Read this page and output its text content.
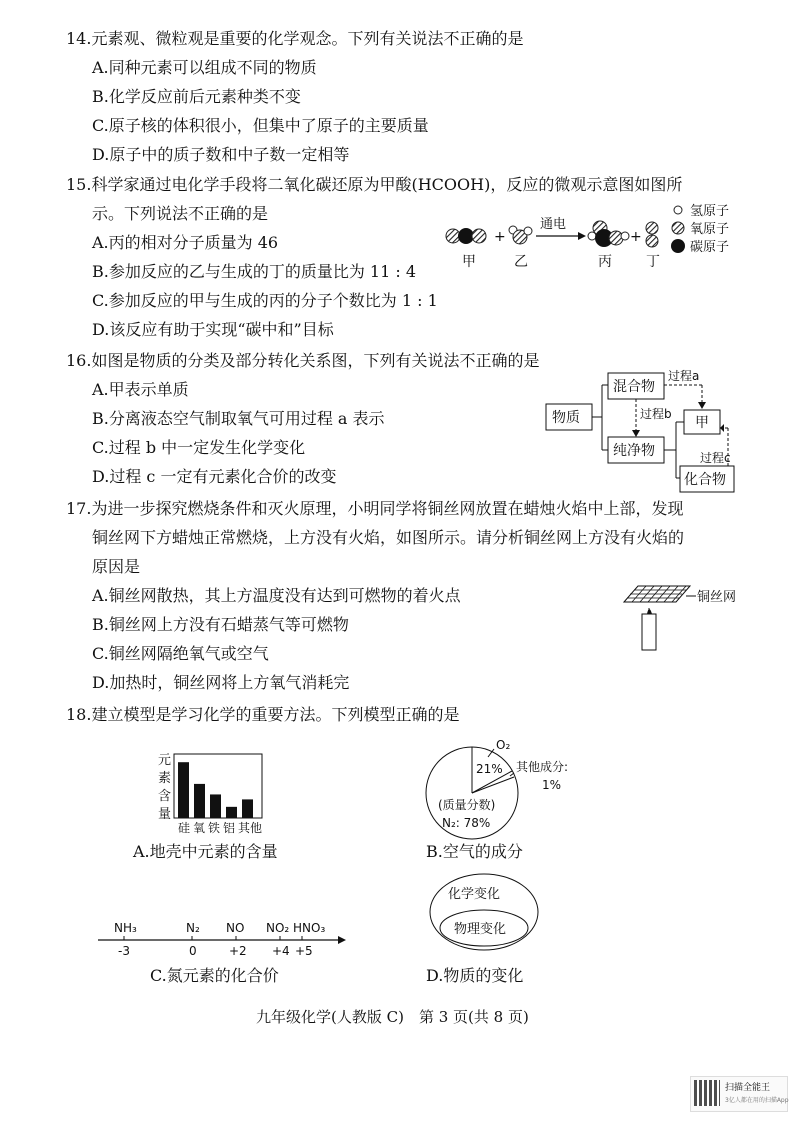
14.元素观、微粒观是重要的化学观念。下列有关说法不正确的是
A.同种元素可以组成不同的物质
B.化学反应前后元素种类不变
C.原子核的体积很小，但集中了原子的主要质量
D.原子中的质子数和中子数一定相等
15.科学家通过电化学手段将二氧化碳还原为甲酸(HCOOH)，反应的微观示意图如图所
示。下列说法不正确的是
A.丙的相对分子质量为 46
B.参加反应的乙与生成的丁的质量比为 11 : 4
C.参加反应的甲与生成的丙的分子个数比为 1 : 1
D.该反应有助于实现“碳中和”目标
+
通电
+
甲	乙	丙 丁
氢原子
氧原子
碳原子
16.如图是物质的分类及部分转化关系图，下列有关说法不正确的是
A.甲表示单质
B.分离液态空气制取氧气可用过程 a 表示
C.过程 b 中一定发生化学变化
D.过程 c 一定有元素化合价的改变
物质
混合物
纯净物
过程b
过程a
甲
化合物
过程c
17.为进一步探究燃烧条件和灭火原理，小明同学将铜丝网放置在蜡烛火焰中上部，发现
铜丝网下方蜡烛正常燃烧，上方没有火焰，如图所示。请分析铜丝网上方没有火焰的
原因是
A.铜丝网散热，其上方温度没有达到可燃物的着火点
B.铜丝网上方没有石蜡蒸气等可燃物
C.铜丝网隔绝氧气或空气
D.加热时，铜丝网将上方氧气消耗完
铜丝网
18.建立模型是学习化学的重要方法。下列模型正确的是
元
素
含
量
硅 氧 铁 铝 其他
A.地壳中元素的含量
O₂
21% 其他成分:
1%
(质量分数)
N₂: 78%
B.空气的成分
NH₃	N₂ NO NO₂ HNO₃
-3	0	+2 +4 +5
C.氮元素的化合价
化学变化
物理变化
D.物质的变化
九年级化学(人教版 C)　第 3 页(共 8 页)
扫描全能王
3亿人都在用的扫描App
